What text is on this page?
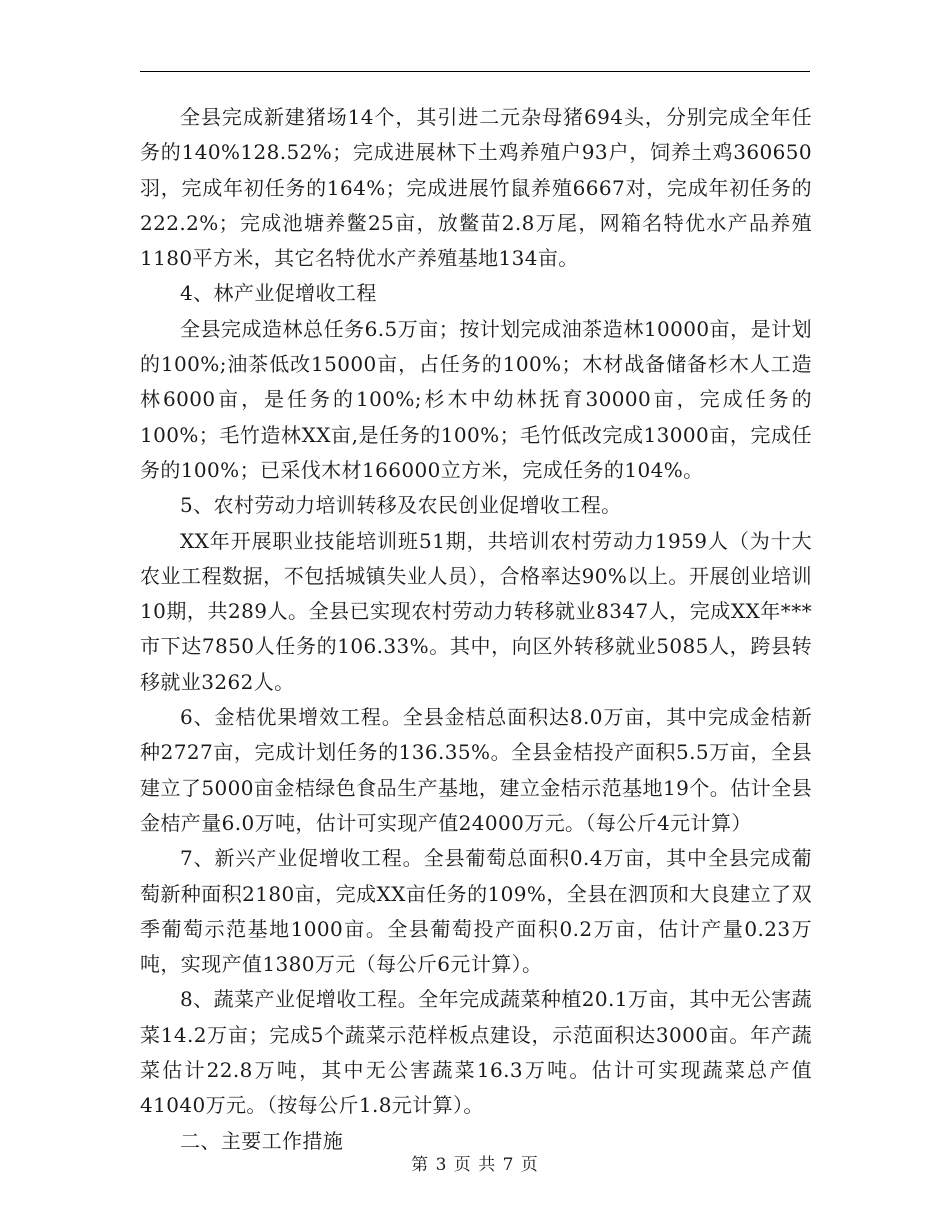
全县完成新建猪场14个，其引进二元杂母猪694头，分别完成全年任务的140%128.52%；完成进展林下土鸡养殖户93户，饲养土鸡360650羽，完成年初任务的164%；完成进展竹鼠养殖6667对，完成年初任务的222.2%；完成池塘养鳖25亩，放鳖苗2.8万尾，网箱名特优水产品养殖1180平方米，其它名特优水产养殖基地134亩。

4、林产业促增收工程

全县完成造林总任务6.5万亩；按计划完成油茶造林10000亩，是计划的100%;油茶低改15000亩，占任务的100%；木材战备储备杉木人工造林6000亩，是任务的100%;杉木中幼林抚育30000亩，完成任务的100%；毛竹造林XX亩,是任务的100%；毛竹低改完成13000亩，完成任务的100%；已采伐木材166000立方米，完成任务的104%。

5、农村劳动力培训转移及农民创业促增收工程。

XX年开展职业技能培训班51期，共培训农村劳动力1959人（为十大农业工程数据，不包括城镇失业人员），合格率达90%以上。开展创业培训10期，共289人。全县已实现农村劳动力转移就业8347人，完成XX年***市下达7850人任务的106.33%。其中，向区外转移就业5085人，跨县转移就业3262人。

6、金桔优果增效工程。全县金桔总面积达8.0万亩，其中完成金桔新种2727亩，完成计划任务的136.35%。全县金桔投产面积5.5万亩，全县建立了5000亩金桔绿色食品生产基地，建立金桔示范基地19个。估计全县金桔产量6.0万吨，估计可实现产值24000万元。（每公斤4元计算）

7、新兴产业促增收工程。全县葡萄总面积0.4万亩，其中全县完成葡萄新种面积2180亩，完成XX亩任务的109%，全县在泗顶和大良建立了双季葡萄示范基地1000亩。全县葡萄投产面积0.2万亩，估计产量0.23万吨，实现产值1380万元（每公斤6元计算）。

8、蔬菜产业促增收工程。全年完成蔬菜种植20.1万亩，其中无公害蔬菜14.2万亩；完成5个蔬菜示范样板点建设，示范面积达3000亩。年产蔬菜估计22.8万吨，其中无公害蔬菜16.3万吨。估计可实现蔬菜总产值41040万元。（按每公斤1.8元计算）。

二、主要工作措施

第 3 页 共 7 页
